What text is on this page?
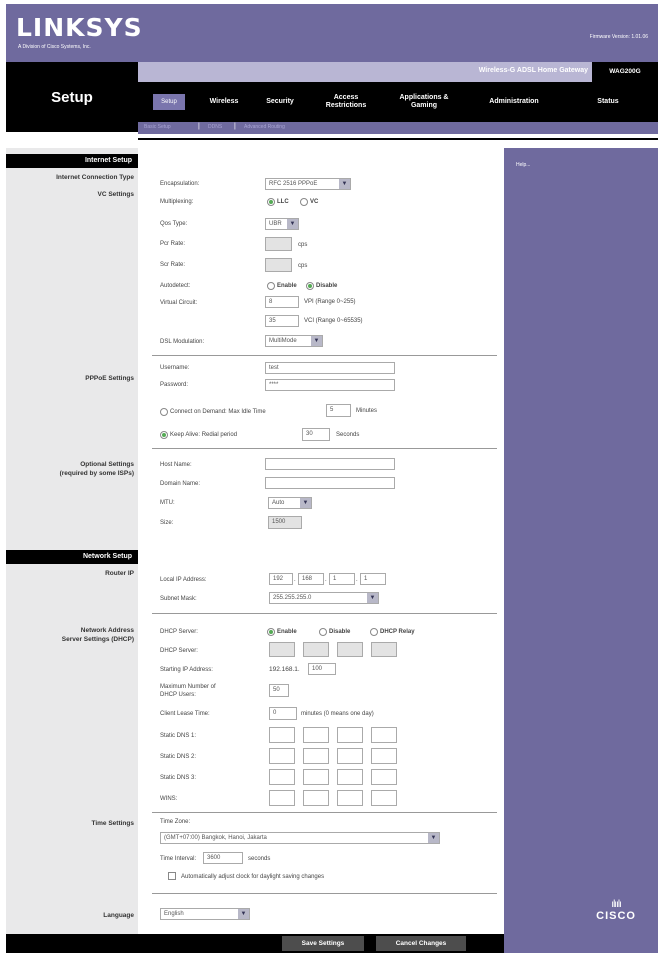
LINKSYS
A Division of Cisco Systems, Inc.
Firmware Version: 1.01.06
Setup
Wireless-G ADSL Home Gateway	WAG200G
Setup	Wireless	Security
Access
Restrictions
Applications &
Gaming
Administration	Status
Basic Setup	| DDNS | Advanced Routing
Internet Setup
Internet Connection Type
VC Settings
PPPoE Settings
Optional Settings
(required by some ISPs)
Network Setup
Router IP
Network Address
Server Settings (DHCP)
Time Settings
Language
Help...
ılıılı
CISCO
Encapsulation:	RFC 2516 PPPoE	▼
Multiplexing:	LLC	VC
Qos Type:	UBR	▼
Pcr Rate:	cps
Scr Rate:	cps
Autodetect:	Enable	Disable
Virtual Circuit:	8	VPI (Range 0~255)
35	VCI (Range 0~65535)
DSL Modulation:	MultiMode	▼
Username:	test
Password:	****
Connect on Demand: Max Idle Time	5	Minutes
Keep Alive: Redial period	30	Seconds
Host Name:
Domain Name:
MTU:	Auto	▼
Size:	1500
Local IP Address:	192	.	168	.	1	.	1
Subnet Mask:	255.255.255.0	▼
DHCP Server:	Enable	Disable	DHCP Relay
DHCP Server:
Starting IP Address:	192.168.1.	100
Maximum Number of
DHCP Users:
50
Client Lease Time:	0	minutes (0 means one day)
Static DNS 1:
Static DNS 2:
Static DNS 3:
WINS:
Time Zone:
(GMT+07:00) Bangkok, Hanoi, Jakarta	▼
Time Interval:	3600	seconds
Automatically adjust clock for daylight saving changes
English	▼
Save Settings	Cancel Changes
